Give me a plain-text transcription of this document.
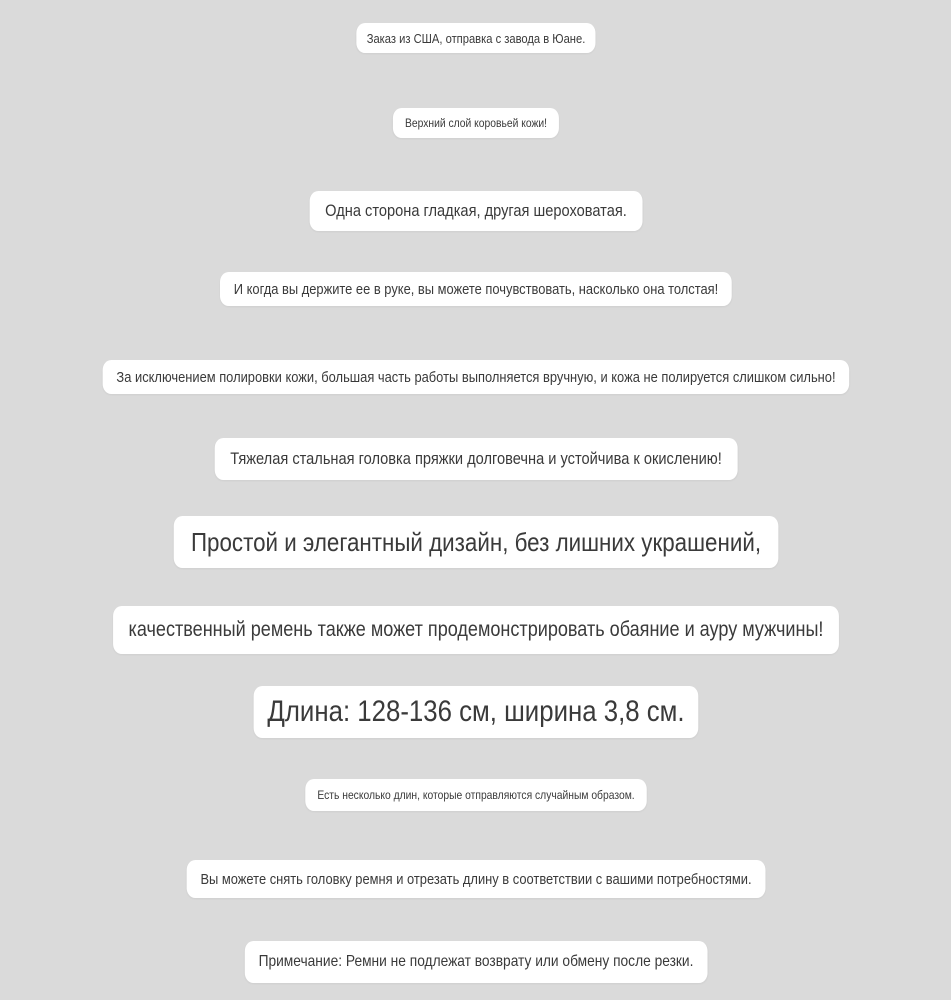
Заказ из США, отправка с завода в Юане.
Верхний слой коровьей кожи!
Одна сторона гладкая, другая шероховатая.
И когда вы держите ее в руке, вы можете почувствовать, насколько она толстая!
За исключением полировки кожи, большая часть работы выполняется вручную, и кожа не полируется слишком сильно!
Тяжелая стальная головка пряжки долговечна и устойчива к окислению!
Простой и элегантный дизайн, без лишних украшений,
качественный ремень также может продемонстрировать обаяние и ауру мужчины!
Длина: 128-136 см, ширина 3,8 см.
Есть несколько длин, которые отправляются случайным образом.
Вы можете снять головку ремня и отрезать длину в соответствии с вашими потребностями.
Примечание: Ремни не подлежат возврату или обмену после резки.
